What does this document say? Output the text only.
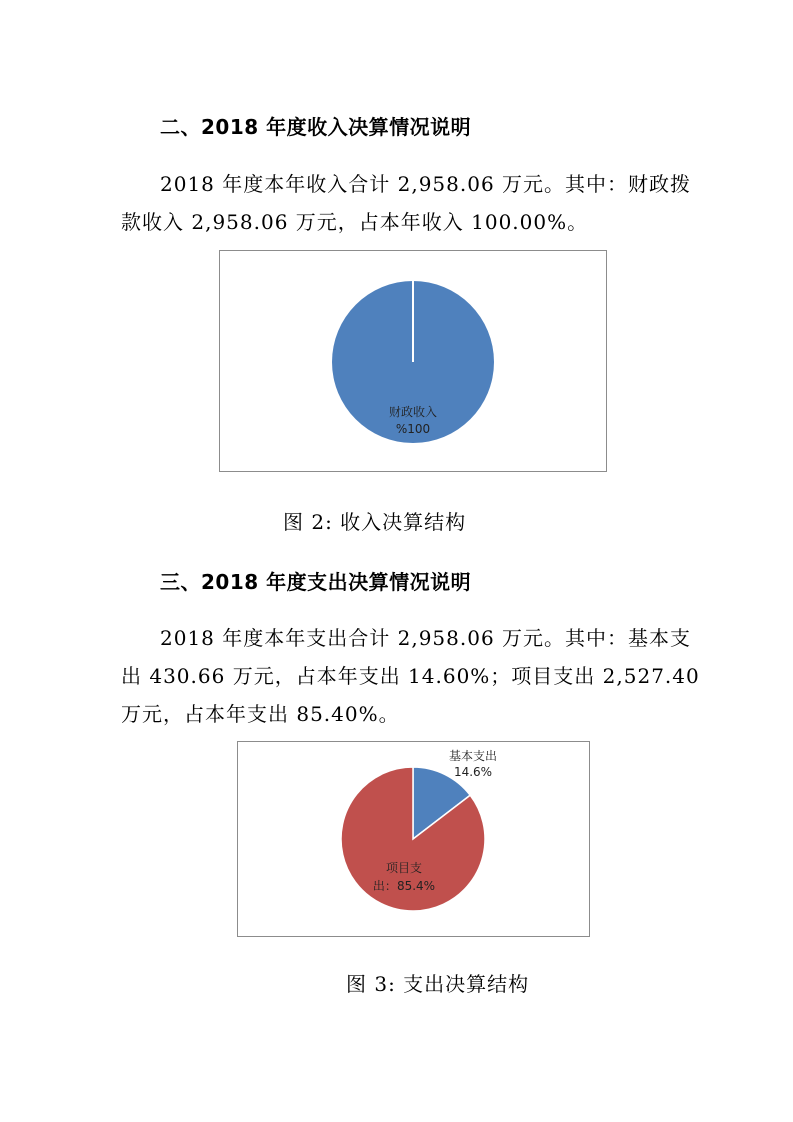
二、2018 年度收入决算情况说明
2018 年度本年收入合计 2,958.06 万元。其中：财政拨
款收入 2,958.06 万元，占本年收入 100.00%。
财政收入
%100
图 2: 收入决算结构
三、2018 年度支出决算情况说明
2018 年度本年支出合计 2,958.06 万元。其中：基本支
出 430.66 万元，占本年支出 14.60%；项目支出 2,527.40
万元，占本年支出 85.40%。
基本支出
14.6%
项目支
出：85.4%
图 3: 支出决算结构
